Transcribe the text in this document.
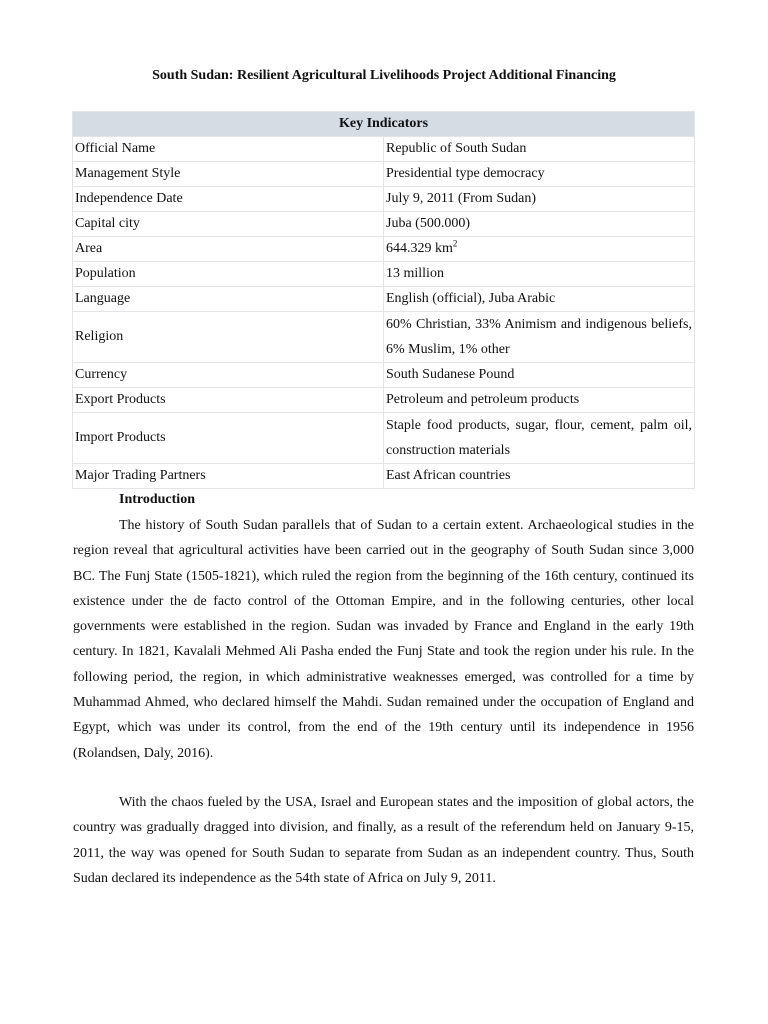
South Sudan: Resilient Agricultural Livelihoods Project Additional Financing
Key Indicators	
Official Name	Republic of South Sudan
Management Style	Presidential type democracy
Independence Date	July 9, 2011 (From Sudan)
Capital city	Juba (500.000)
Area	644.329 $km^2$
Population	13 million
Language	English (official), Juba Arabic
Religion	60% Christian, 33% Animism and indigenous beliefs, 6% Muslim, 1% other
Currency	South Sudanese Pound
Export Products	Petroleum and petroleum products
Import Products	Staple food products, sugar, flour, cement, palm oil, construction materials
Major Trading Partners	East African countries
Introduction

The history of South Sudan parallels that of Sudan to a certain extent. Archaeological studies in the region reveal that agricultural activities have been carried out in the geography of South Sudan since 3,000 BC. The Funj State (1505-1821), which ruled the region from the beginning of the 16th century, continued its existence under the de facto control of the Ottoman Empire, and in the following centuries, other local governments were established in the region. Sudan was invaded by France and England in the early 19th century. In 1821, Kavalali Mehmed Ali Pasha ended the Funj State and took the region under his rule. In the following period, the region, in which administrative weaknesses emerged, was controlled for a time by Muhammad Ahmed, who declared himself the Mahdi. Sudan remained under the occupation of England and Egypt, which was under its control, from the end of the 19th century until its independence in 1956 (Rolandsen, Daly, 2016).

With the chaos fueled by the USA, Israel and European states and the imposition of global actors, the country was gradually dragged into division, and finally, as a result of the referendum held on January 9-15, 2011, the way was opened for South Sudan to separate from Sudan as an independent country. Thus, South Sudan declared its independence as the 54th state of Africa on July 9, 2011.
